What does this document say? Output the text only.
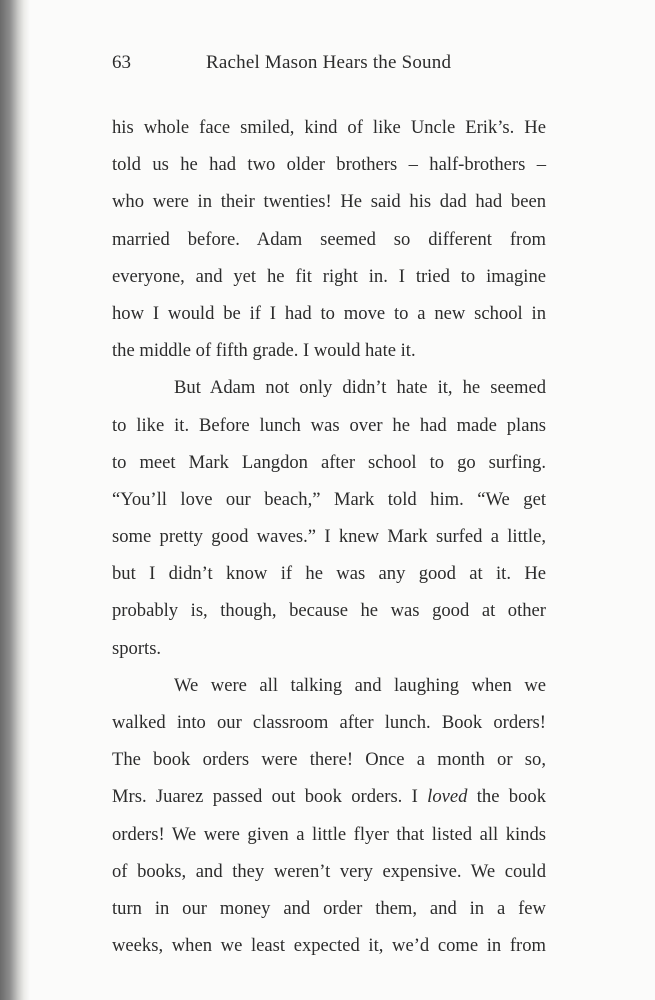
63	Rachel Mason Hears the Sound
his whole face smiled, kind of like Uncle Erik’s. He
told us he had two older brothers – half-brothers –
who were in their twenties! He said his dad had been
married before. Adam seemed so different from
everyone, and yet he fit right in. I tried to imagine
how I would be if I had to move to a new school in
the middle of fifth grade. I would hate it.
But Adam not only didn’t hate it, he seemed
to like it. Before lunch was over he had made plans
to meet Mark Langdon after school to go surfing.
“You’ll love our beach,” Mark told him. “We get
some pretty good waves.” I knew Mark surfed a little,
but I didn’t know if he was any good at it. He
probably is, though, because he was good at other
sports.
We were all talking and laughing when we
walked into our classroom after lunch. Book orders!
The book orders were there! Once a month or so,
Mrs. Juarez passed out book orders. I loved the book
orders! We were given a little flyer that listed all kinds
of books, and they weren’t very expensive. We could
turn in our money and order them, and in a few
weeks, when we least expected it, we’d come in from
